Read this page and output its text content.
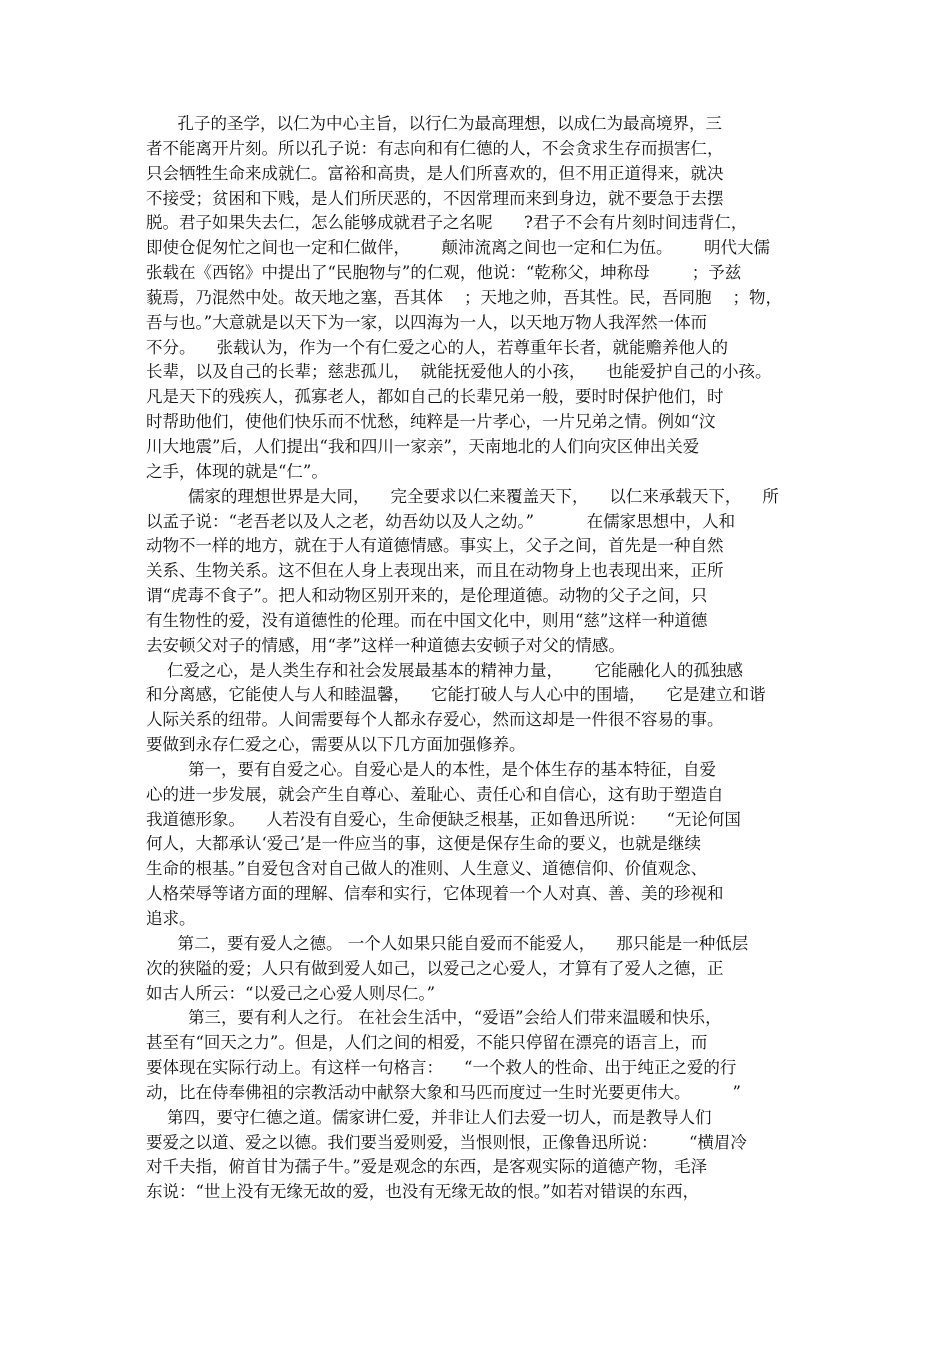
孔子的圣学，以仁为中心主旨，以行仁为最高理想，以成仁为最高境界，三
者不能离开片刻。所以孔子说：有志向和有仁德的人，不会贪求生存而损害仁，
只会牺牲生命来成就仁。富裕和高贵，是人们所喜欢的，但不用正道得来，就决
不接受；贫困和下贱，是人们所厌恶的，不因常理而来到身边，就不要急于去摆
脱。君子如果失去仁，怎么能够成就君子之名呢      ?君子不会有片刻时间违背仁，
即使仓促匆忙之间也一定和仁做伴，      颠沛流离之间也一定和仁为伍。      明代大儒
张载在《西铭》中提出了“民胞物与”的仁观，他说：“乾称父，坤称母        ；予兹
藐焉，乃混然中处。故天地之塞，吾其体    ；天地之帅，吾其性。民，吾同胞    ；物，
吾与也。”大意就是以天下为一家，以四海为一人，以天地万物人我浑然一体而
不分。    张载认为，作为一个有仁爱之心的人，若尊重年长者，就能赡养他人的
长辈，以及自己的长辈；慈悲孤儿，  就能抚爱他人的小孩，    也能爱护自己的小孩。
凡是天下的残疾人，孤寡老人，都如自己的长辈兄弟一般，要时时保护他们，时
时帮助他们，使他们快乐而不忧愁，纯粹是一片孝心，一片兄弟之情。例如“汶
川大地震”后，人们提出“我和四川一家亲”，天南地北的人们向灾区伸出关爱
之手，体现的就是“仁”。
儒家的理想世界是大同，    完全要求以仁来覆盖天下，    以仁来承载天下，    所
以孟子说：“老吾老以及人之老，幼吾幼以及人之幼。”          在儒家思想中，人和
动物不一样的地方，就在于人有道德情感。事实上，父子之间，首先是一种自然
关系、生物关系。这不但在人身上表现出来，而且在动物身上也表现出来，正所
谓“虎毒不食子”。把人和动物区别开来的，是伦理道德。动物的父子之间，只
有生物性的爱，没有道德性的伦理。而在中国文化中，则用“慈”这样一种道德
去安顿父对子的情感，用“孝”这样一种道德去安顿子对父的情感。
仁爱之心，是人类生存和社会发展最基本的精神力量，      它能融化人的孤独感
和分离感，它能使人与人和睦温馨，    它能打破人与人心中的围墙，    它是建立和谐
人际关系的纽带。人间需要每个人都永存爱心，然而这却是一件很不容易的事。
要做到永存仁爱之心，需要从以下几方面加强修养。
第一，要有自爱之心。自爱心是人的本性，是个体生存的基本特征，自爱
心的进一步发展，就会产生自尊心、羞耻心、责任心和自信心，这有助于塑造自
我道德形象。    人若没有自爱心，生命便缺乏根基，正如鲁迅所说：    “无论何国
何人，大都承认‘爱己’是一件应当的事，这便是保存生命的要义，也就是继续
生命的根基。”自爱包含对自己做人的准则、人生意义、道德信仰、价值观念、
人格荣辱等诸方面的理解、信奉和实行，它体现着一个人对真、善、美的珍视和
追求。
第二，要有爱人之德。 一个人如果只能自爱而不能爱人，    那只能是一种低层
次的狭隘的爱；人只有做到爱人如己，以爱己之心爱人，才算有了爱人之德，正
如古人所云：“以爱己之心爱人则尽仁。”
第三，要有利人之行。 在社会生活中，“爱语”会给人们带来温暖和快乐，
甚至有“回天之力”。但是，人们之间的相爱，不能只停留在漂亮的语言上，而
要体现在实际行动上。有这样一句格言：    “一个救人的性命、出于纯正之爱的行
动，比在侍奉佛祖的宗教活动中献祭大象和马匹而度过一生时光要更伟大。        ”
第四，要守仁德之道。儒家讲仁爱，并非让人们去爱一切人，而是教导人们
要爱之以道、爱之以德。我们要当爱则爱，当恨则恨，正像鲁迅所说：      “横眉冷
对千夫指，俯首甘为孺子牛。”爱是观念的东西，是客观实际的道德产物，毛泽
东说：“世上没有无缘无故的爱，也没有无缘无故的恨。”如若对错误的东西，
